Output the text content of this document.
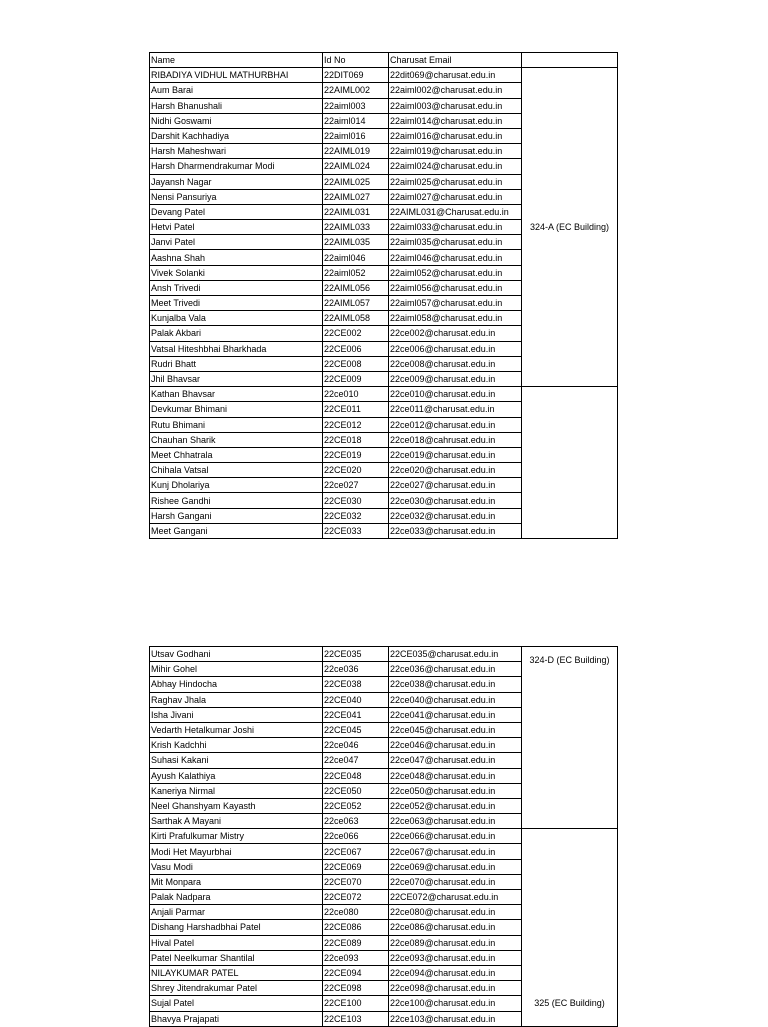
Name	Id No	Charusat Email	
RIBADIYA VIDHUL MATHURBHAI	22DIT069	22dit069@charusat.edu.in	324-A (EC Building)
Aum Barai	22AIML002	22aiml002@charusat.edu.in	
Harsh Bhanushali	22aiml003	22aiml003@charusat.edu.in	
Nidhi Goswami	22aiml014	22aiml014@charusat.edu.in	
Darshit Kachhadiya	22aiml016	22aiml016@charusat.edu.in	
Harsh Maheshwari	22AIML019	22aiml019@charusat.edu.in	
Harsh Dharmendrakumar Modi	22AIML024	22aiml024@charusat.edu.in	
Jayansh Nagar	22AIML025	22aiml025@charusat.edu.in	
Nensi Pansuriya	22AIML027	22aiml027@charusat.edu.in	
Devang Patel	22AIML031	22AIML031@Charusat.edu.in	
Hetvi Patel	22AIML033	22aiml033@charusat.edu.in	
Janvi Patel	22AIML035	22aiml035@charusat.edu.in	
Aashna Shah	22aiml046	22aiml046@charusat.edu.in	
Vivek Solanki	22aiml052	22aiml052@charusat.edu.in	
Ansh Trivedi	22AIML056	22aiml056@charusat.edu.in	
Meet Trivedi	22AIML057	22aiml057@charusat.edu.in	
Kunjalba Vala	22AIML058	22aiml058@charusat.edu.in	
Palak Akbari	22CE002	22ce002@charusat.edu.in	
Vatsal Hiteshbhai Bharkhada	22CE006	22ce006@charusat.edu.in	
Rudri Bhatt	22CE008	22ce008@charusat.edu.in	
Jhil Bhavsar	22CE009	22ce009@charusat.edu.in	
Kathan Bhavsar	22ce010	22ce010@charusat.edu.in	
Devkumar Bhimani	22CE011	22ce011@charusat.edu.in	
Rutu Bhimani	22CE012	22ce012@charusat.edu.in	
Chauhan Sharik	22CE018	22ce018@cahrusat.edu.in	
Meet Chhatrala	22CE019	22ce019@charusat.edu.in	
Chihala Vatsal	22CE020	22ce020@charusat.edu.in	
Kunj Dholariya	22ce027	22ce027@charusat.edu.in	
Rishee Gandhi	22CE030	22ce030@charusat.edu.in	
Harsh Gangani	22CE032	22ce032@charusat.edu.in	
Meet Gangani	22CE033	22ce033@charusat.edu.in	
Utsav Godhani	22CE035	22CE035@charusat.edu.in	324-D (EC Building)
Mihir Gohel	22ce036	22ce036@charusat.edu.in	
Abhay Hindocha	22CE038	22ce038@charusat.edu.in	
Raghav Jhala	22CE040	22ce040@charusat.edu.in	
Isha Jivani	22CE041	22ce041@charusat.edu.in	
Vedarth Hetalkumar Joshi	22CE045	22ce045@charusat.edu.in	
Krish Kadchhi	22ce046	22ce046@charusat.edu.in	
Suhasi Kakani	22ce047	22ce047@charusat.edu.in	
Ayush Kalathiya	22CE048	22ce048@charusat.edu.in	
Kaneriya Nirmal	22CE050	22ce050@charusat.edu.in	
Neel Ghanshyam Kayasth	22CE052	22ce052@charusat.edu.in	
Sarthak A Mayani	22ce063	22ce063@charusat.edu.in	
Kirti Prafulkumar Mistry	22ce066	22ce066@charusat.edu.in	325 (EC Building)
Modi Het Mayurbhai	22CE067	22ce067@charusat.edu.in	
Vasu Modi	22CE069	22ce069@charusat.edu.in	
Mit Monpara	22CE070	22ce070@charusat.edu.in	
Palak Nadpara	22CE072	22CE072@charusat.edu.in	
Anjali Parmar	22ce080	22ce080@charusat.edu.in	
Dishang Harshadbhai Patel	22CE086	22ce086@charusat.edu.in	
Hival Patel	22CE089	22ce089@charusat.edu.in	
Patel Neelkumar Shantilal	22ce093	22ce093@charusat.edu.in	
NILAYKUMAR PATEL	22CE094	22ce094@charusat.edu.in	
Shrey Jitendrakumar Patel	22CE098	22ce098@charusat.edu.in	
Sujal Patel	22CE100	22ce100@charusat.edu.in	
Bhavya Prajapati	22CE103	22ce103@charusat.edu.in	
